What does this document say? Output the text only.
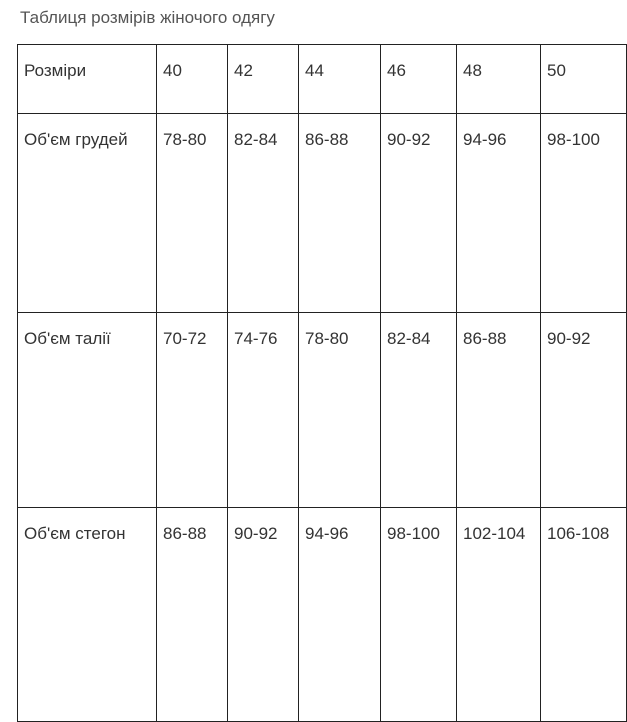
Таблиця розмірів жіночого одягу
Розміри	40	42	44	46	48	50
Об'єм грудей	78-80	82-84	86-88	90-92	94-96	98-100
Об'єм талії	70-72	74-76	78-80	82-84	86-88	90-92
Об'єм стегон	86-88	90-92	94-96	98-100	102-104	106-108
